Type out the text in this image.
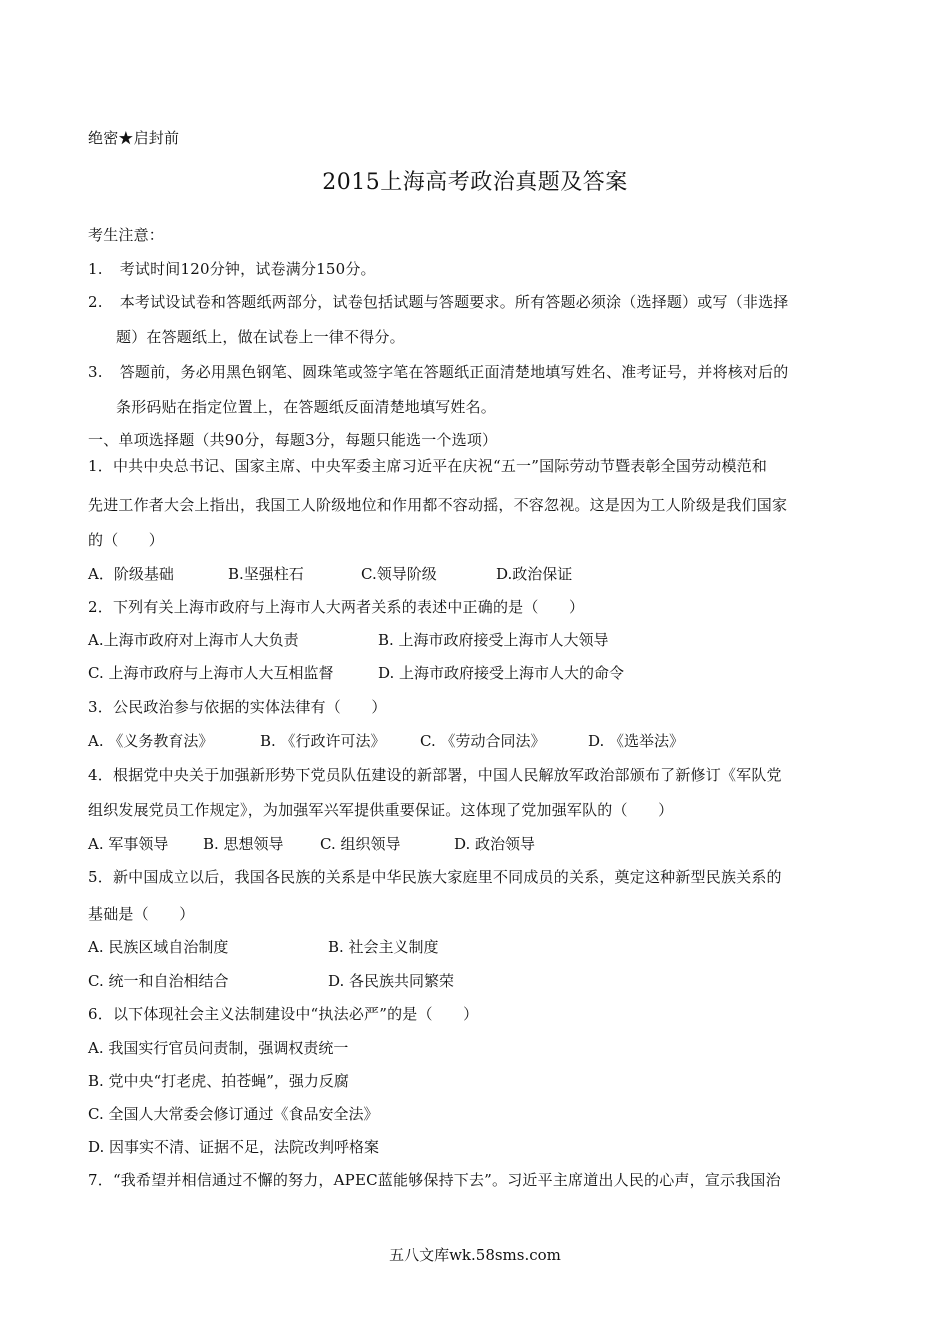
绝密★启封前
2015上海高考政治真题及答案
考生注意：
1. 考试时间120分钟，试卷满分150分。
2. 本考试设试卷和答题纸两部分，试卷包括试题与答题要求。所有答题必须涂（选择题）或写（非选择
题）在答题纸上，做在试卷上一律不得分。
3. 答题前，务必用黑色钢笔、圆珠笔或签字笔在答题纸正面清楚地填写姓名、准考证号，并将核对后的
条形码贴在指定位置上，在答题纸反面清楚地填写姓名。
一、单项选择题（共90分，每题3分，每题只能选一个选项）
1．中共中央总书记、国家主席、中央军委主席习近平在庆祝“五一”国际劳动节暨表彰全国劳动模范和
先进工作者大会上指出，我国工人阶级地位和作用都不容动摇，不容忽视。这是因为工人阶级是我们国家
的（　　）
A．阶级基础	B.坚强柱石	C.领导阶级	D.政治保证
2．下列有关上海市政府与上海市人大两者关系的表述中正确的是（　　）
A.上海市政府对上海市人大负责	B. 上海市政府接受上海市人大领导
C. 上海市政府与上海市人大互相监督	D. 上海市政府接受上海市人大的命令
3．公民政治参与依据的实体法律有（　　）
A. 《义务教育法》	B. 《行政许可法》 C. 《劳动合同法》	D. 《选举法》
4．根据党中央关于加强新形势下党员队伍建设的新部署，中国人民解放军政治部颁布了新修订《军队党
组织发展党员工作规定》，为加强军兴军提供重要保证。这体现了党加强军队的（　　）
A. 军事领导 B. 思想领导 C. 组织领导	D. 政治领导
5．新中国成立以后，我国各民族的关系是中华民族大家庭里不同成员的关系，奠定这种新型民族关系的
基础是（　　）
A. 民族区域自治制度	B. 社会主义制度
C. 统一和自治相结合	D. 各民族共同繁荣
6．以下体现社会主义法制建设中“执法必严”的是（　　）
A. 我国实行官员问责制，强调权责统一
B. 党中央“打老虎、拍苍蝇”，强力反腐
C. 全国人大常委会修订通过《食品安全法》
D. 因事实不清、证据不足，法院改判呼格案
7．“我希望并相信通过不懈的努力，APEC蓝能够保持下去”。习近平主席道出人民的心声，宣示我国治
五八文库wk.58sms.com
